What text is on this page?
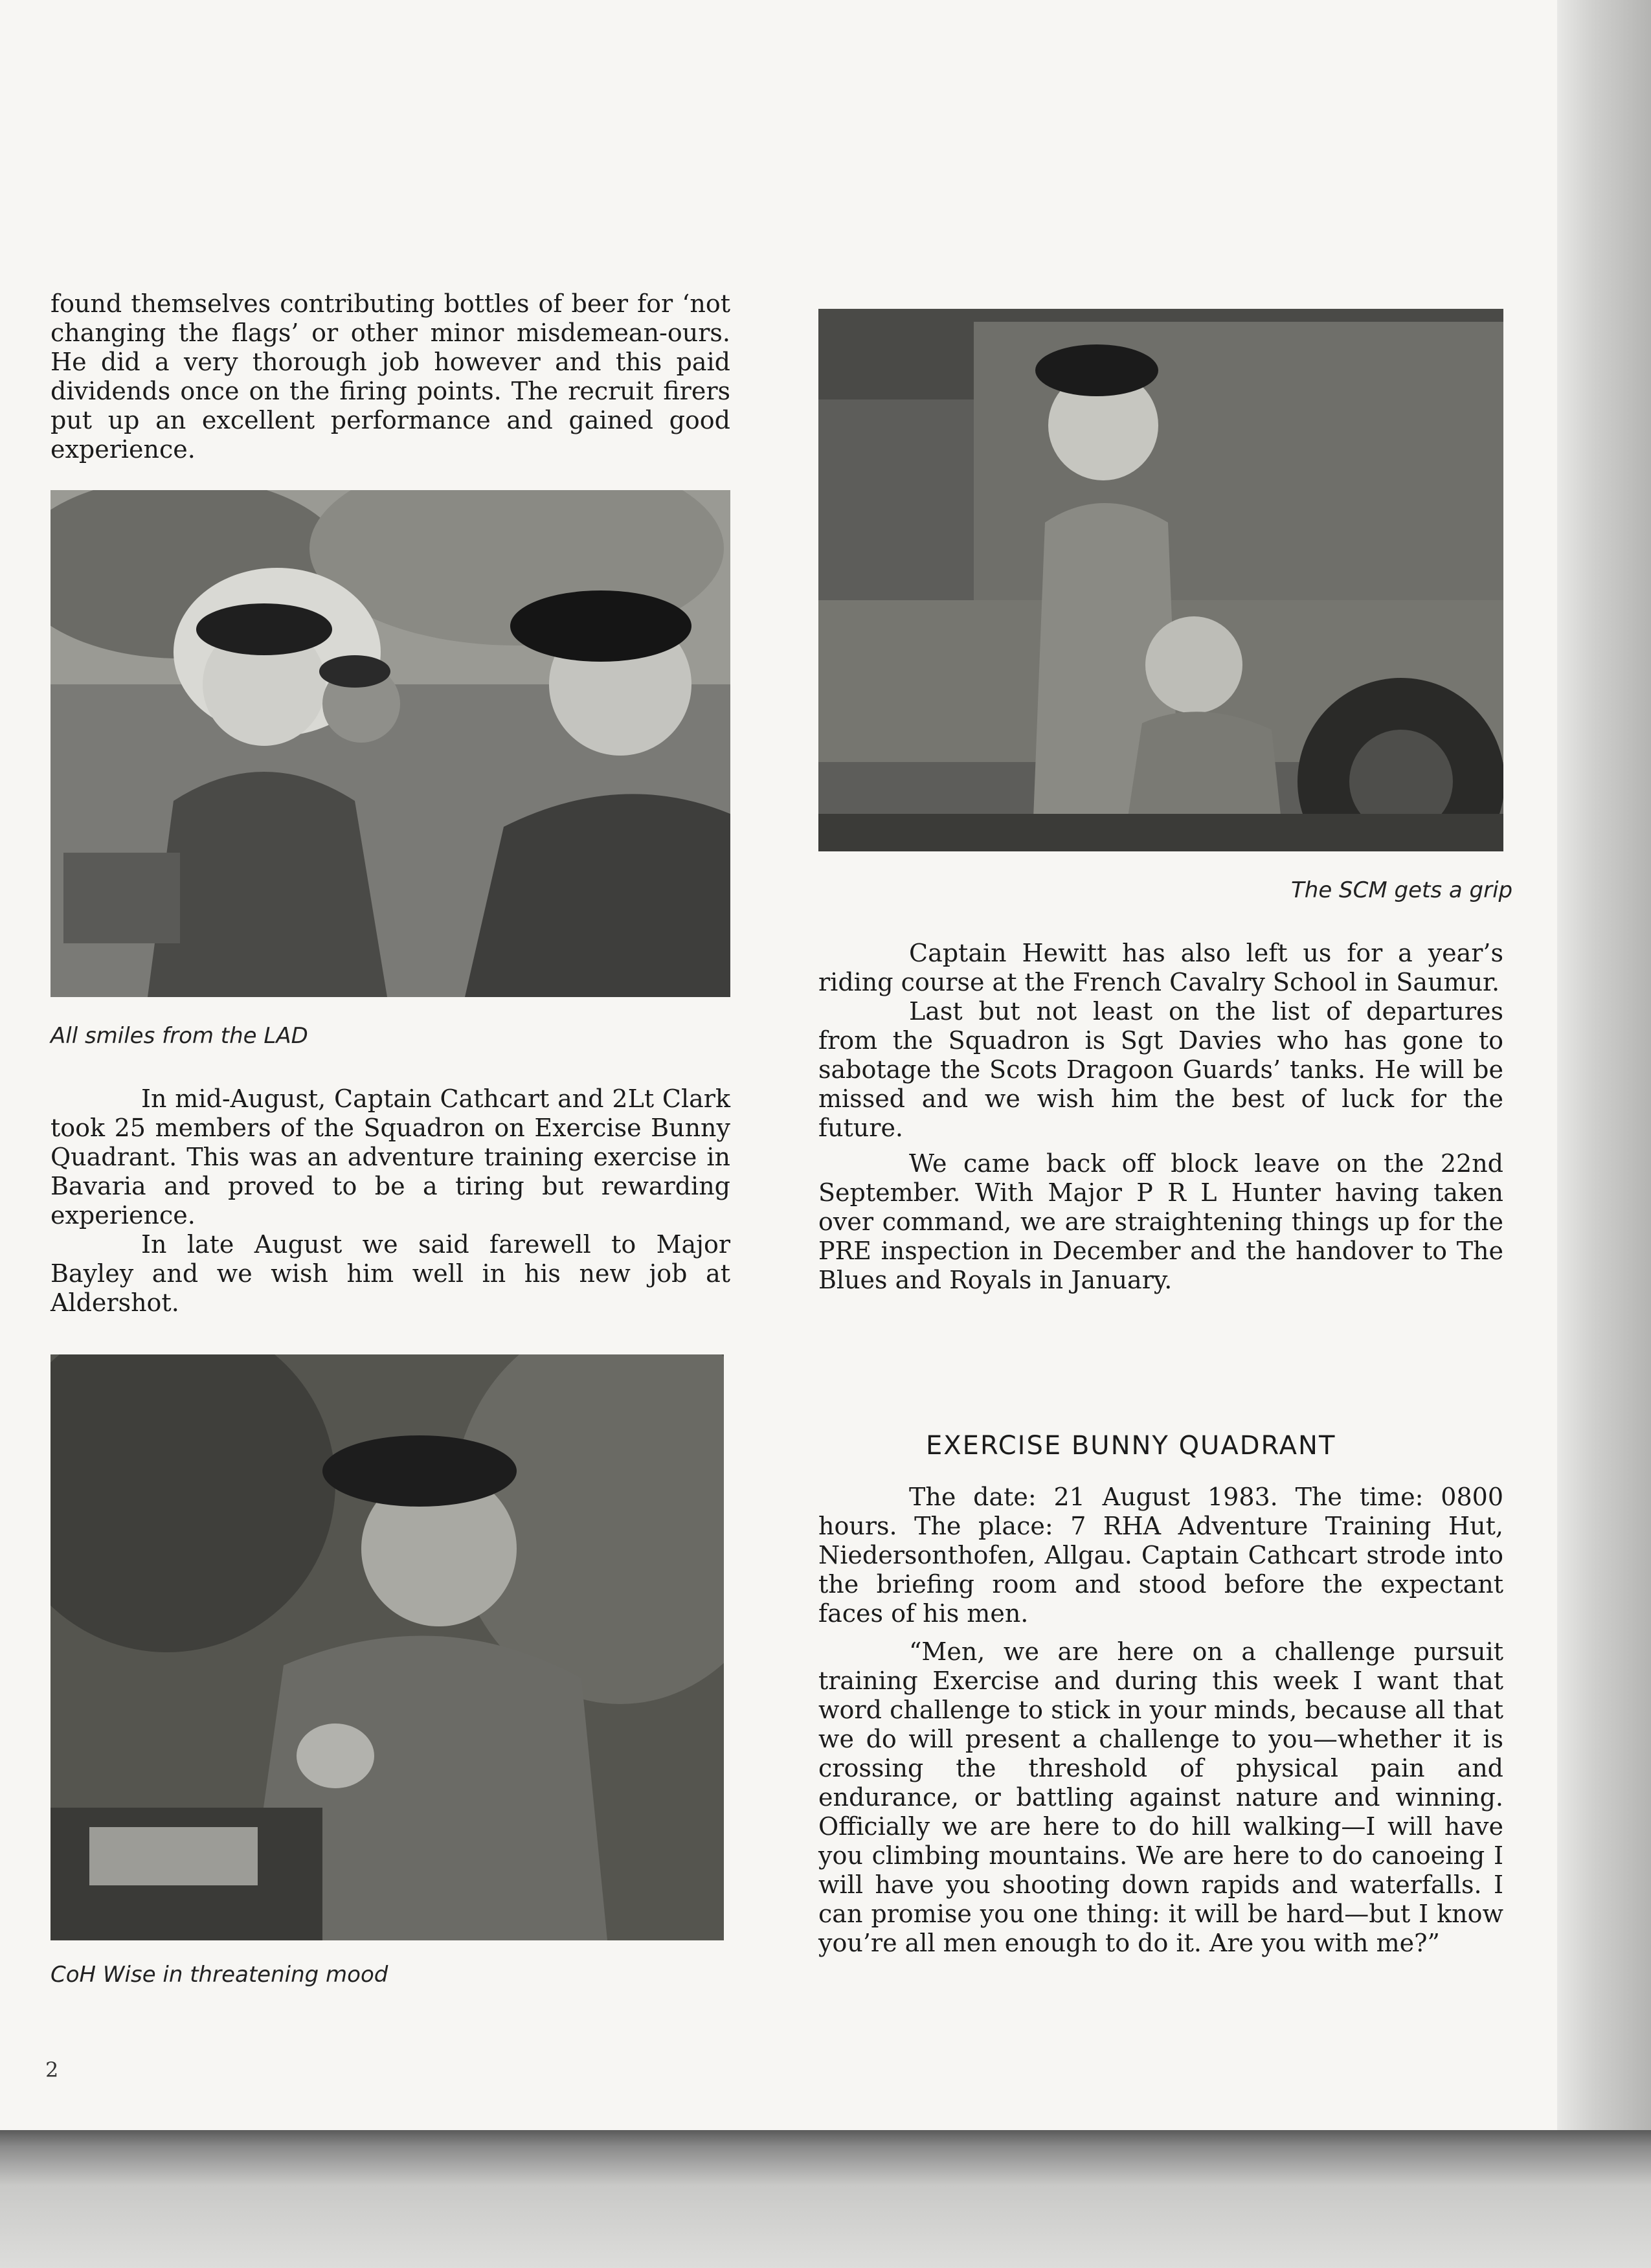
found themselves contributing bottles of beer for ‘not changing the flags’ or other minor misdemean-ours. He did a very thorough job however and this paid dividends once on the firing points. The recruit firers put up an excellent performance and gained good experience.

All smiles from the LAD

In mid-August, Captain Cathcart and 2Lt Clark took 25 members of the Squadron on Exercise Bunny Quadrant. This was an adventure training exercise in Bavaria and proved to be a tiring but rewarding experience.

In late August we said farewell to Major Bayley and we wish him well in his new job at Aldershot.

CoH Wise in threatening mood
The SCM gets a grip

Captain Hewitt has also left us for a year’s riding course at the French Cavalry School in Saumur.

Last but not least on the list of departures from the Squadron is Sgt Davies who has gone to sabotage the Scots Dragoon Guards’ tanks. He will be missed and we wish him the best of luck for the future.

We came back off block leave on the 22nd September. With Major P R L Hunter having taken over command, we are straightening things up for the PRE inspection in December and the handover to The Blues and Royals in January.

EXERCISE BUNNY QUADRANT

The date: 21 August 1983. The time: 0800 hours. The place: 7 RHA Adventure Training Hut, Niedersonthofen, Allgau. Captain Cathcart strode into the briefing room and stood before the expectant faces of his men.

“Men, we are here on a challenge pursuit training Exercise and during this week I want that word challenge to stick in your minds, because all that we do will present a challenge to you—whether it is crossing the threshold of physical pain and endurance, or battling against nature and winning. Officially we are here to do hill walking—I will have you climbing mountains. We are here to do canoeing I will have you shooting down rapids and waterfalls. I can promise you one thing: it will be hard—but I know you’re all men enough to do it. Are you with me?”

2
